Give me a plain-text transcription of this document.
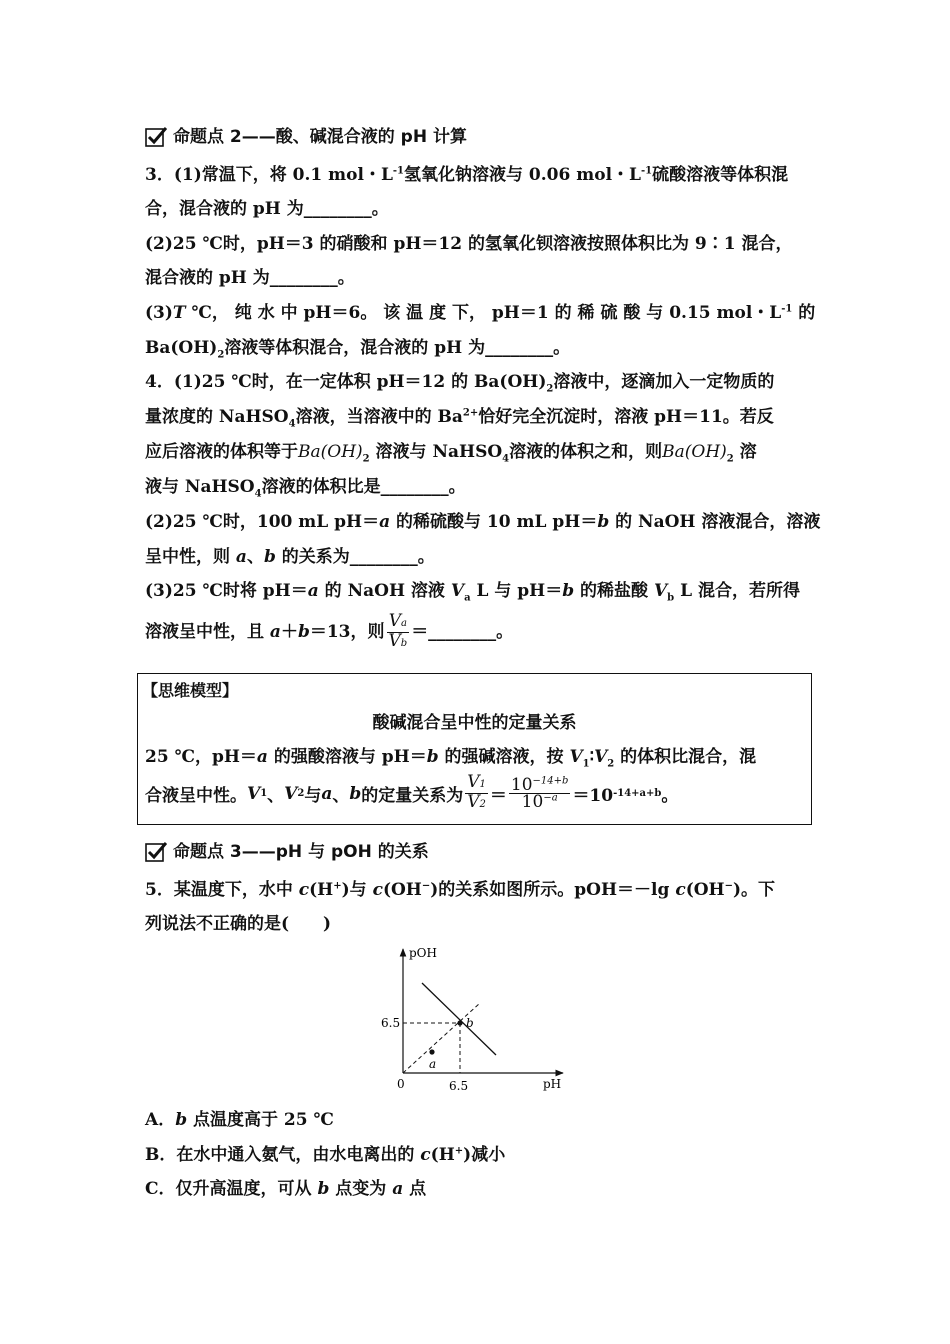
命题点 2 —— 酸、碱混合液的 pH 计算
3．(1)常温下，将 0.1 mol・$L^{-1}$氢氧化钠溶液与 0.06 mol・$L^{-1}$硫酸溶液等体积混
合，混合液的 pH 为________。
(2)25 ℃时，pH＝3 的硝酸和 pH＝12 的氢氧化钡溶液按照体积比为 9∶1 混合，
混合液的 pH 为________。
(3)T ℃， 纯 水 中 pH＝6。 该 温 度 下， pH＝1 的 稀 硫 酸 与 0.15 mol・$L^{-1}$ 的
$Ba(OH)_2$溶液等体积混合，混合液的 pH 为________。
4．(1)25 ℃时，在一定体积 pH＝12 的 $Ba(OH)_2$溶液中，逐滴加入一定物质的
量浓度的 NaHSO$_4$溶液，当溶液中的 $Ba^{2+}$恰好完全沉淀时，溶液 pH＝11。若反
应后溶液的体积等于$Ba(OH)_2$ 溶液与 NaHSO$_4$溶液的体积之和，则$Ba(OH)_2$ 溶
液与 NaHSO$_4$溶液的体积比是________。
(2)25 ℃时，100 mL pH＝a 的稀硫酸与 10 mL pH＝b 的 NaOH 溶液混合，溶液
呈中性，则 a、b 的关系为________。
(3)25 ℃时将 pH＝a 的 NaOH 溶液 $V_a$ L 与 pH＝b 的稀盐酸 $V_b$ L 混合，若所得
溶液呈中性，且 a＋b＝13，则 $\frac{Va}{Vb}$ ＝________。
【思维模型】
酸碱混合呈中性的定量关系
25 ℃，pH＝a 的强酸溶液与 pH＝b 的强碱溶液，按 $V_1∶V_2$ 的体积比混合，混
合液呈中性。 V 1 、 V 2 与 a 、 b 的定量关系为 $\frac{V1}{V2} = \frac{10^{-14+b}}{10^{-a}} =10$ -14+a+b 。
命题点 3 —— pH 与 pOH 的关系
5．某温度下，水中 c(H+)与 c(OH−)的关系如图所示。pOH＝－lg c(OH−)。下
列说法不正确的是(　　)
pOH
pH
0	6.5
6.5
a
b
A．b 点温度高于 25 ℃
B．在水中通入氨气，由水电离出的 c(H+)减小
C．仅升高温度，可从 b 点变为 a 点
